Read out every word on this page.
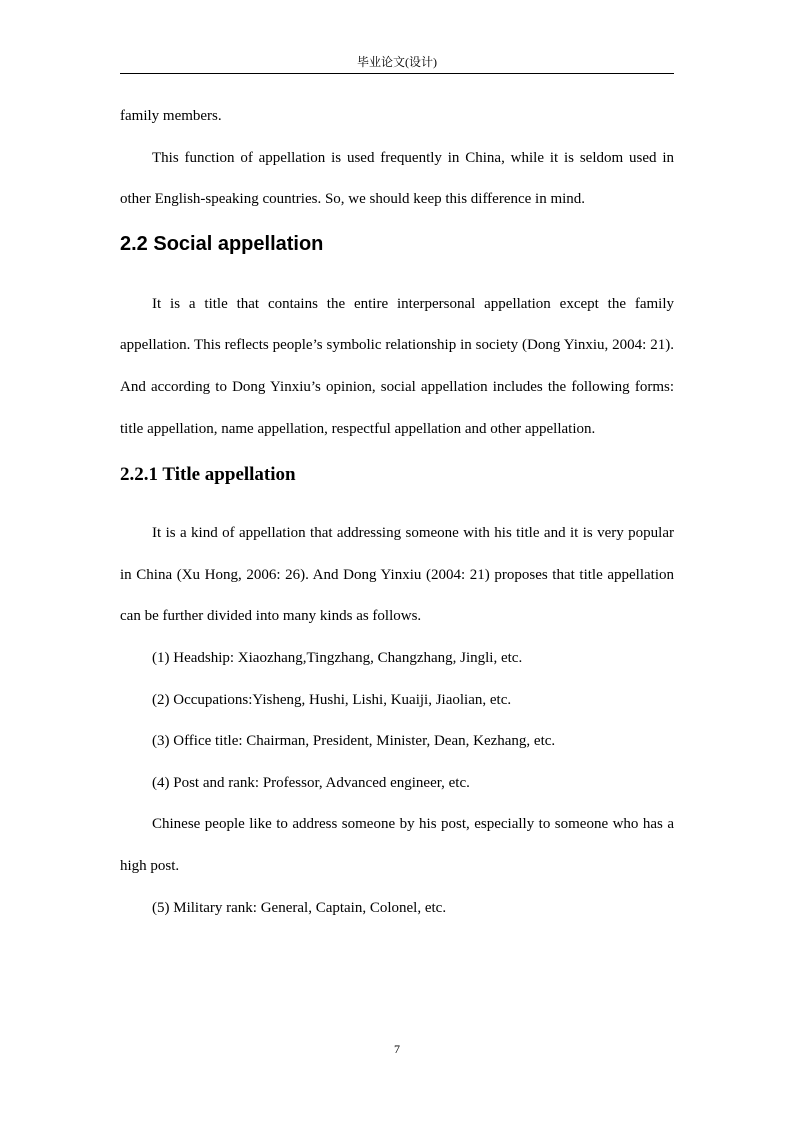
毕业论文(设计)

family members.

This function of appellation is used frequently in China, while it is seldom used in other English-speaking countries. So, we should keep this difference in mind.

2.2 Social appellation

It is a title that contains the entire interpersonal appellation except the family appellation. This reflects people’s symbolic relationship in society (Dong Yinxiu, 2004: 21). And according to Dong Yinxiu’s opinion, social appellation includes the following forms: title appellation, name appellation, respectful appellation and other appellation.

2.2.1 Title appellation

It is a kind of appellation that addressing someone with his title and it is very popular in China (Xu Hong, 2006: 26). And Dong Yinxiu (2004: 21) proposes that title appellation can be further divided into many kinds as follows.

(1) Headship: Xiaozhang,Tingzhang, Changzhang, Jingli, etc.

(2) Occupations:Yisheng, Hushi, Lishi, Kuaiji, Jiaolian, etc.

(3) Office title: Chairman, President, Minister, Dean, Kezhang, etc.

(4) Post and rank: Professor, Advanced engineer, etc.

Chinese people like to address someone by his post, especially to someone who has a high post.

(5) Military rank: General, Captain, Colonel, etc.

7
